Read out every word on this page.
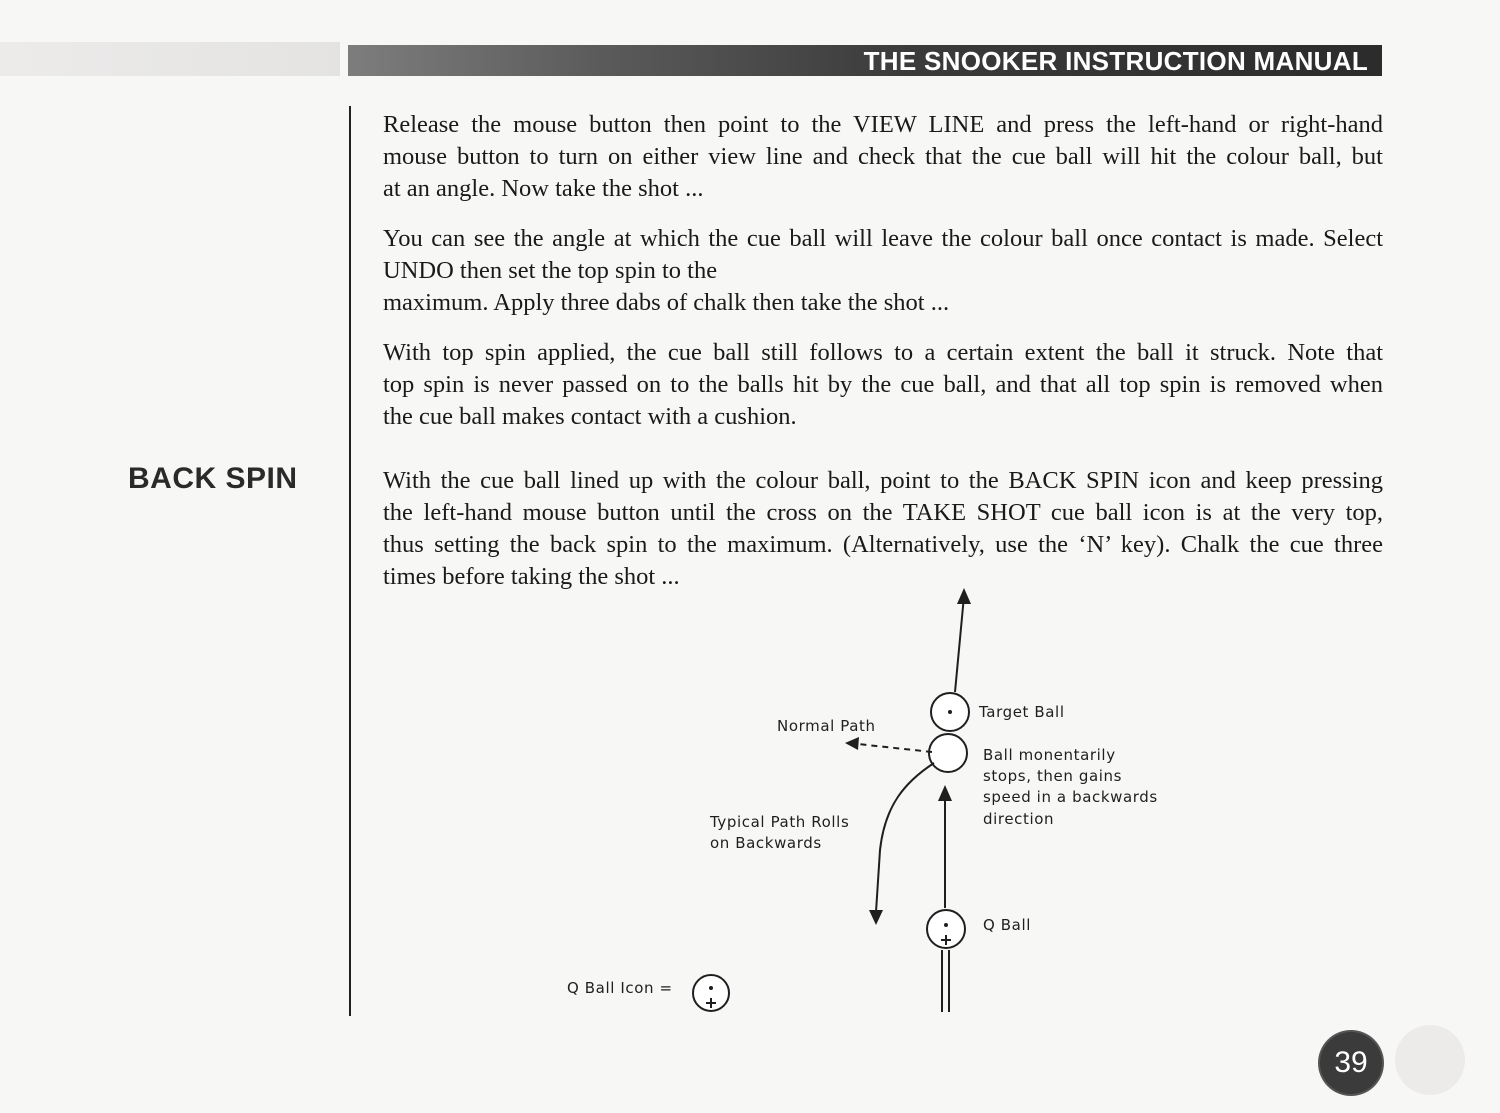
THE SNOOKER INSTRUCTION MANUAL
BACK SPIN
Release the mouse button then point to the VIEW LINE and press the left-hand or right-hand
mouse button to turn on either view line and check that the cue ball will hit the colour ball, but
at an angle. Now take the shot ...
You can see the angle at which the cue ball will leave the colour ball once contact is made. Select
UNDO then set the top spin to the
maximum. Apply three dabs of chalk then take the shot ...
With top spin applied, the cue ball still follows to a certain extent the ball it struck. Note that
top spin is never passed on to the balls hit by the cue ball, and that all top spin is removed when
the cue ball makes contact with a cushion.
With the cue ball lined up with the colour ball, point to the BACK SPIN icon and keep pressing
the left-hand mouse button until the cross on the TAKE SHOT cue ball icon is at the very top,
thus setting the back spin to the maximum. (Alternatively, use the ‘N’ key). Chalk the cue three
times before taking the shot ...
Target Ball
Normal Path
Ball monentarily
stops, then gains
speed in a backwards
direction
Typical Path Rolls
on Backwards
Q Ball
Q Ball Icon =
39
